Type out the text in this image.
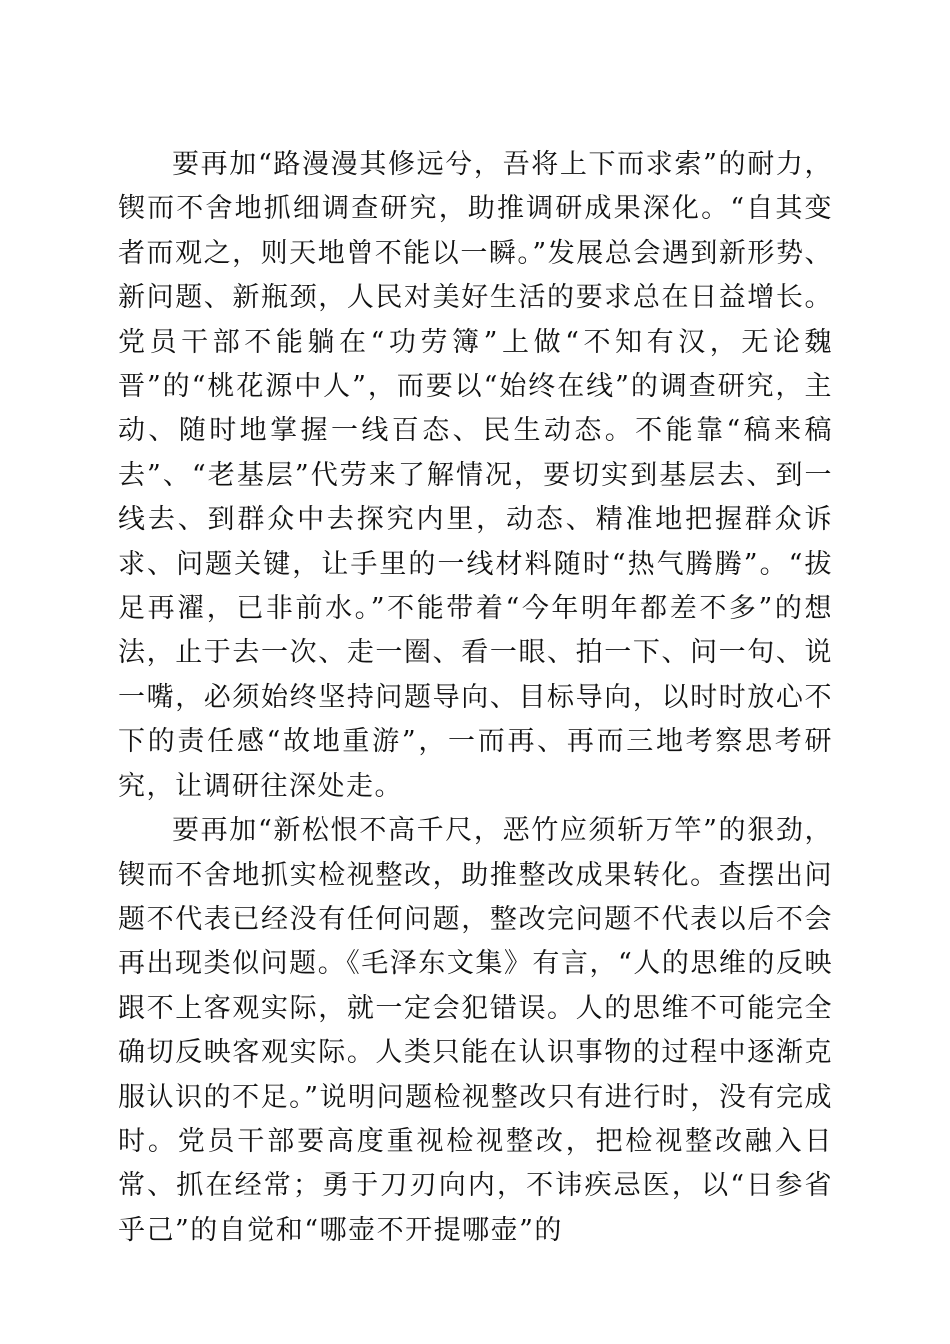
要再加“路漫漫其修远兮，吾将上下而求索”的耐力，锲而不舍地抓细调查研究，助推调研成果深化。“自其变者而观之，则天地曾不能以一瞬。”发展总会遇到新形势、新问题、新瓶颈，人民对美好生活的要求总在日益增长。党员干部不能躺在“功劳簿”上做“不知有汉，无论魏晋”的“桃花源中人”，而要以“始终在线”的调查研究，主动、随时地掌握一线百态、民生动态。不能靠“稿来稿去”、“老基层”代劳来了解情况，要切实到基层去、到一线去、到群众中去探究内里，动态、精准地把握群众诉求、问题关键，让手里的一线材料随时“热气腾腾”。“拔足再濯，已非前水。”不能带着“今年明年都差不多”的想法，止于去一次、走一圈、看一眼、拍一下、问一句、说一嘴，必须始终坚持问题导向、目标导向，以时时放心不下的责任感“故地重游”，一而再、再而三地考察思考研究，让调研往深处走。

要再加“新松恨不高千尺，恶竹应须斩万竿”的狠劲，锲而不舍地抓实检视整改，助推整改成果转化。查摆出问题不代表已经没有任何问题，整改完问题不代表以后不会再出现类似问题。《毛泽东文集》有言，“人的思维的反映跟不上客观实际，就一定会犯错误。人的思维不可能完全确切反映客观实际。人类只能在认识事物的过程中逐渐克服认识的不足。”说明问题检视整改只有进行时，没有完成时。党员干部要高度重视检视整改，把检视整改融入日常、抓在经常；勇于刀刃向内，不讳疾忌医，以“日参省乎己”的自觉和“哪壶不开提哪壶”的
